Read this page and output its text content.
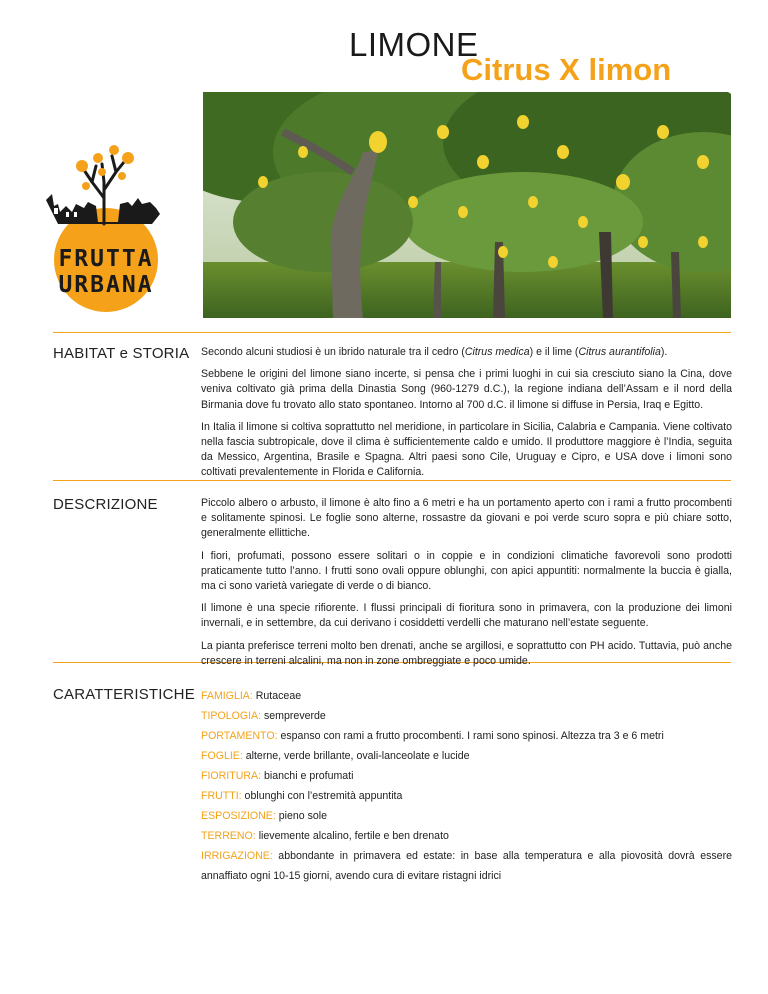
LIMONE
Citrus X limon
FRUTTA
URBANA
HABITAT e STORIA Secondo alcuni studiosi è un ibrido naturale tra il cedro (Citrus medica) e il lime (Citrus aurantifolia).

Sebbene le origini del limone siano incerte, si pensa che i primi luoghi in cui sia cresciuto siano la Cina, dove veniva coltivato già prima della Dinastia Song (960-1279 d.C.), la regione indiana dell’Assam e il nord della Birmania dove fu trovato allo stato spontaneo. Intorno al 700 d.C. il limone si diffuse in Persia, Iraq e Egitto.

In Italia il limone si coltiva soprattutto nel meridione, in particolare in Sicilia, Calabria e Campania. Viene coltivato nella fascia subtropicale, dove il clima è sufficientemente caldo e umido. Il produttore maggiore è l’India, seguita da Messico, Argentina, Brasile e Spagna. Altri paesi sono Cile, Uruguay e Cipro, e USA dove i limoni sono coltivati prevalentemente in Florida e California.

DESCRIZIONE	Piccolo albero o arbusto, il limone è alto fino a 6 metri e ha un portamento aperto con i rami a frutto procombenti e solitamente spinosi. Le foglie sono alterne, rossastre da giovani e poi verde scuro sopra e più chiare sotto, generalmente ellittiche.

I fiori, profumati, possono essere solitari o in coppie e in condizioni climatiche favorevoli sono prodotti praticamente tutto l’anno. I frutti sono ovali oppure oblunghi, con apici appuntiti: normalmente la buccia è gialla, ma ci sono varietà variegate di verde o di bianco.

Il limone è una specie rifiorente. I flussi principali di fioritura sono in primavera, con la produzione dei limoni invernali, e in settembre, da cui derivano i cosiddetti verdelli che maturano nell’estate seguente.

La pianta preferisce terreni molto ben drenati, anche se argillosi, e soprattutto con PH acido. Tuttavia, può anche crescere in terreni alcalini, ma non in zone ombreggiate e poco umide.

CARATTERISTICHE FAMIGLIA: Rutaceae
TIPOLOGIA: sempreverde
PORTAMENTO: espanso con rami a frutto procombenti. I rami sono spinosi. Altezza tra 3 e 6 metri
FOGLIE: alterne, verde brillante, ovali-lanceolate e lucide
FIORITURA: bianchi e profumati
FRUTTI: oblunghi con l’estremità appuntita
ESPOSIZIONE: pieno sole
TERRENO: lievemente alcalino, fertile e ben drenato
IRRIGAZIONE: abbondante in primavera ed estate: in base alla temperatura e alla piovosità dovrà essere annaffiato ogni 10-15 giorni, avendo cura di evitare ristagni idrici
